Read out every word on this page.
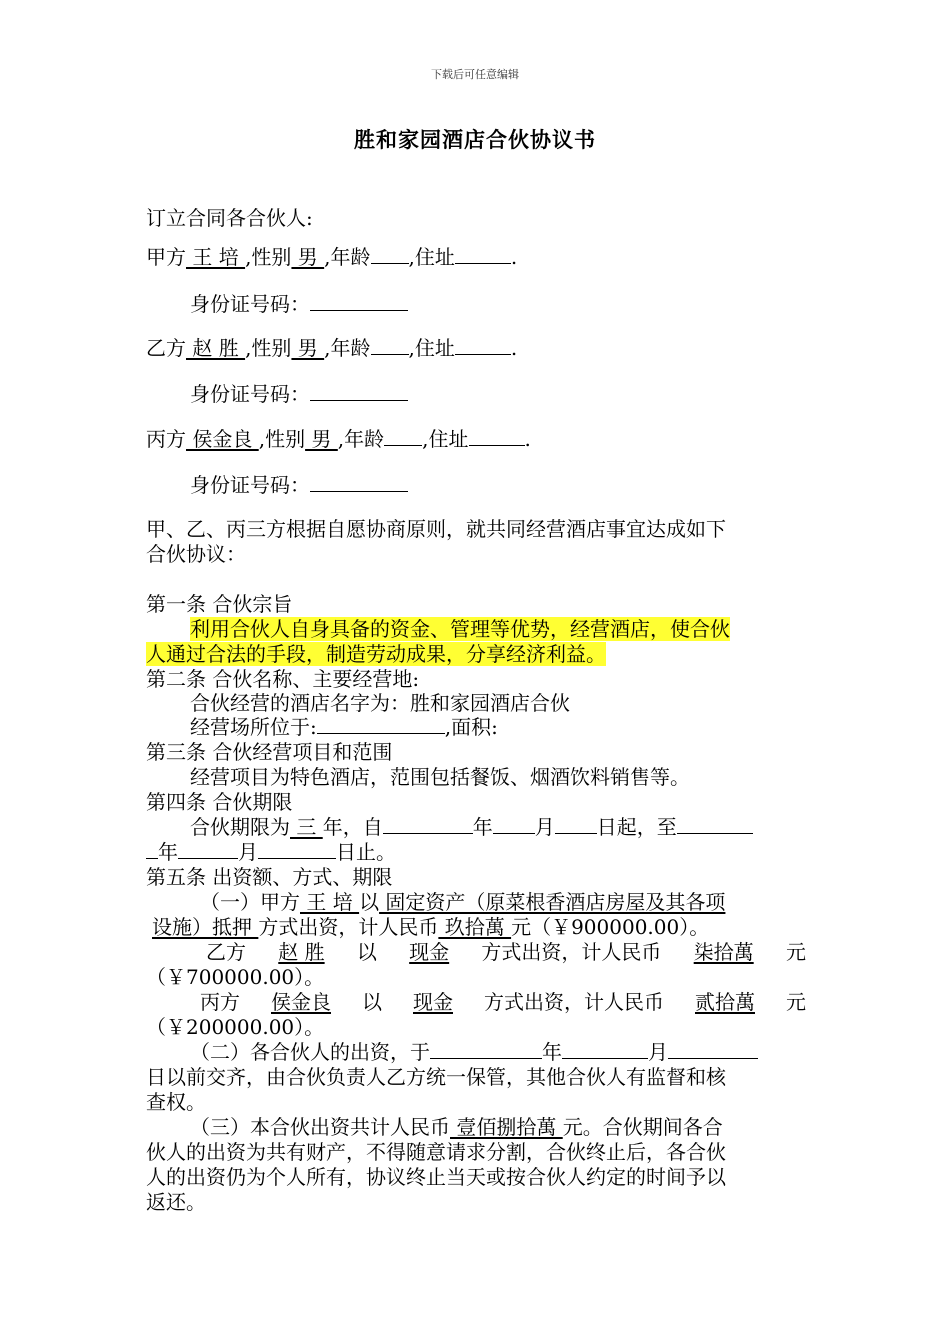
下载后可任意编辑
胜和家园酒店合伙协议书
订立合同各合伙人:
甲方 王 培 ,性别 男 ,年龄 ,住址	.
身份证号码：
乙方 赵 胜 ,性别 男 ,年龄 ,住址	.
身份证号码：
丙方 侯金良 ,性别 男 ,年龄 ,住址	.
身份证号码：
甲、乙、丙三方根据自愿协商原则，就共同经营酒店事宜达成如下
合伙协议：
第一条 合伙宗旨
利用合伙人自身具备的资金、管理等优势，经营酒店，使合伙
人通过合法的手段，制造劳动成果，分享经济利益。
第二条 合伙名称、主要经营地:
合伙经营的酒店名字为：胜和家园酒店合伙
经营场所位于:	,面积:
第三条 合伙经营项目和范围
经营项目为特色酒店，范围包括餐饭、烟酒饮料销售等。
第四条 合伙期限
合伙期限为 三 年，自	年 月 日起，至
年	月	日止。
第五条 出资额、方式、期限
（一）甲方 王 培 以 固定资产（原菜根香酒店房屋及其各项
设施）抵押 方式出资，计人民币 玖拾萬 元（￥900000.00）。
乙方 赵 胜 以 现金 方式出资，计人民币 柒拾萬 元
（￥700000.00）。
丙方 侯金良 以 现金 方式出资，计人民币 贰拾萬 元
（￥200000.00）。
（二）各合伙人的出资，于	年	月
日以前交齐，由合伙负责人乙方统一保管，其他合伙人有监督和核
查权。
（三）本合伙出资共计人民币 壹佰捌拾萬 元。合伙期间各合
伙人的出资为共有财产，不得随意请求分割，合伙终止后，各合伙
人的出资仍为个人所有，协议终止当天或按合伙人约定的时间予以
返还。
